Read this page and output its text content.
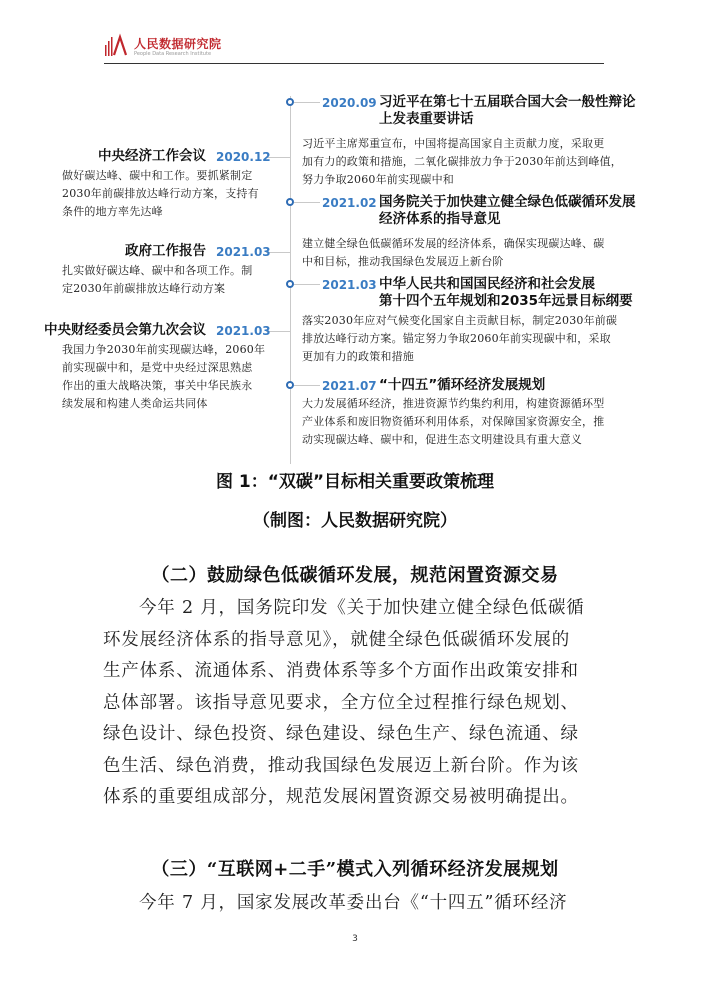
人民数据研究院
People Data Research Institute
2020.09 习近平在第七十五届联合国大会一般性辩论
上发表重要讲话
习近平主席郑重宣布，中国将提高国家自主贡献力度，采取更
加有力的政策和措施，二氧化碳排放力争于2030年前达到峰值，
努力争取2060年前实现碳中和
2021.02 国务院关于加快建立健全绿色低碳循环发展
经济体系的指导意见
建立健全绿色低碳循环发展的经济体系，确保实现碳达峰、碳
中和目标，推动我国绿色发展迈上新台阶
2021.03 中华人民共和国国民经济和社会发展
第十四个五年规划和2035年远景目标纲要
落实2030年应对气候变化国家自主贡献目标，制定2030年前碳
排放达峰行动方案。锚定努力争取2060年前实现碳中和，采取
更加有力的政策和措施
2021.07 “十四五”循环经济发展规划
大力发展循环经济，推进资源节约集约利用，构建资源循环型
产业体系和废旧物资循环利用体系，对保障国家资源安全，推
动实现碳达峰、碳中和，促进生态文明建设具有重大意义
中央经济工作会议 2020.12
做好碳达峰、碳中和工作。要抓紧制定
2030年前碳排放达峰行动方案，支持有
条件的地方率先达峰
政府工作报告 2021.03
扎实做好碳达峰、碳中和各项工作。制
定2030年前碳排放达峰行动方案
中央财经委员会第九次会议 2021.03
我国力争2030年前实现碳达峰，2060年
前实现碳中和，是党中央经过深思熟虑
作出的重大战略决策，事关中华民族永
续发展和构建人类命运共同体
图 1：“双碳”目标相关重要政策梳理
（制图：人民数据研究院）
（二）鼓励绿色低碳循环发展，规范闲置资源交易
今年 2 月，国务院印发《关于加快建立健全绿色低碳循
环发展经济体系的指导意见》，就健全绿色低碳循环发展的
生产体系、流通体系、消费体系等多个方面作出政策安排和
总体部署。该指导意见要求，全方位全过程推行绿色规划、
绿色设计、绿色投资、绿色建设、绿色生产、绿色流通、绿
色生活、绿色消费，推动我国绿色发展迈上新台阶。作为该
体系的重要组成部分，规范发展闲置资源交易被明确提出。
（三）“互联网+二手”模式入列循环经济发展规划
今年 7 月，国家发展改革委出台《“十四五”循环经济
3
